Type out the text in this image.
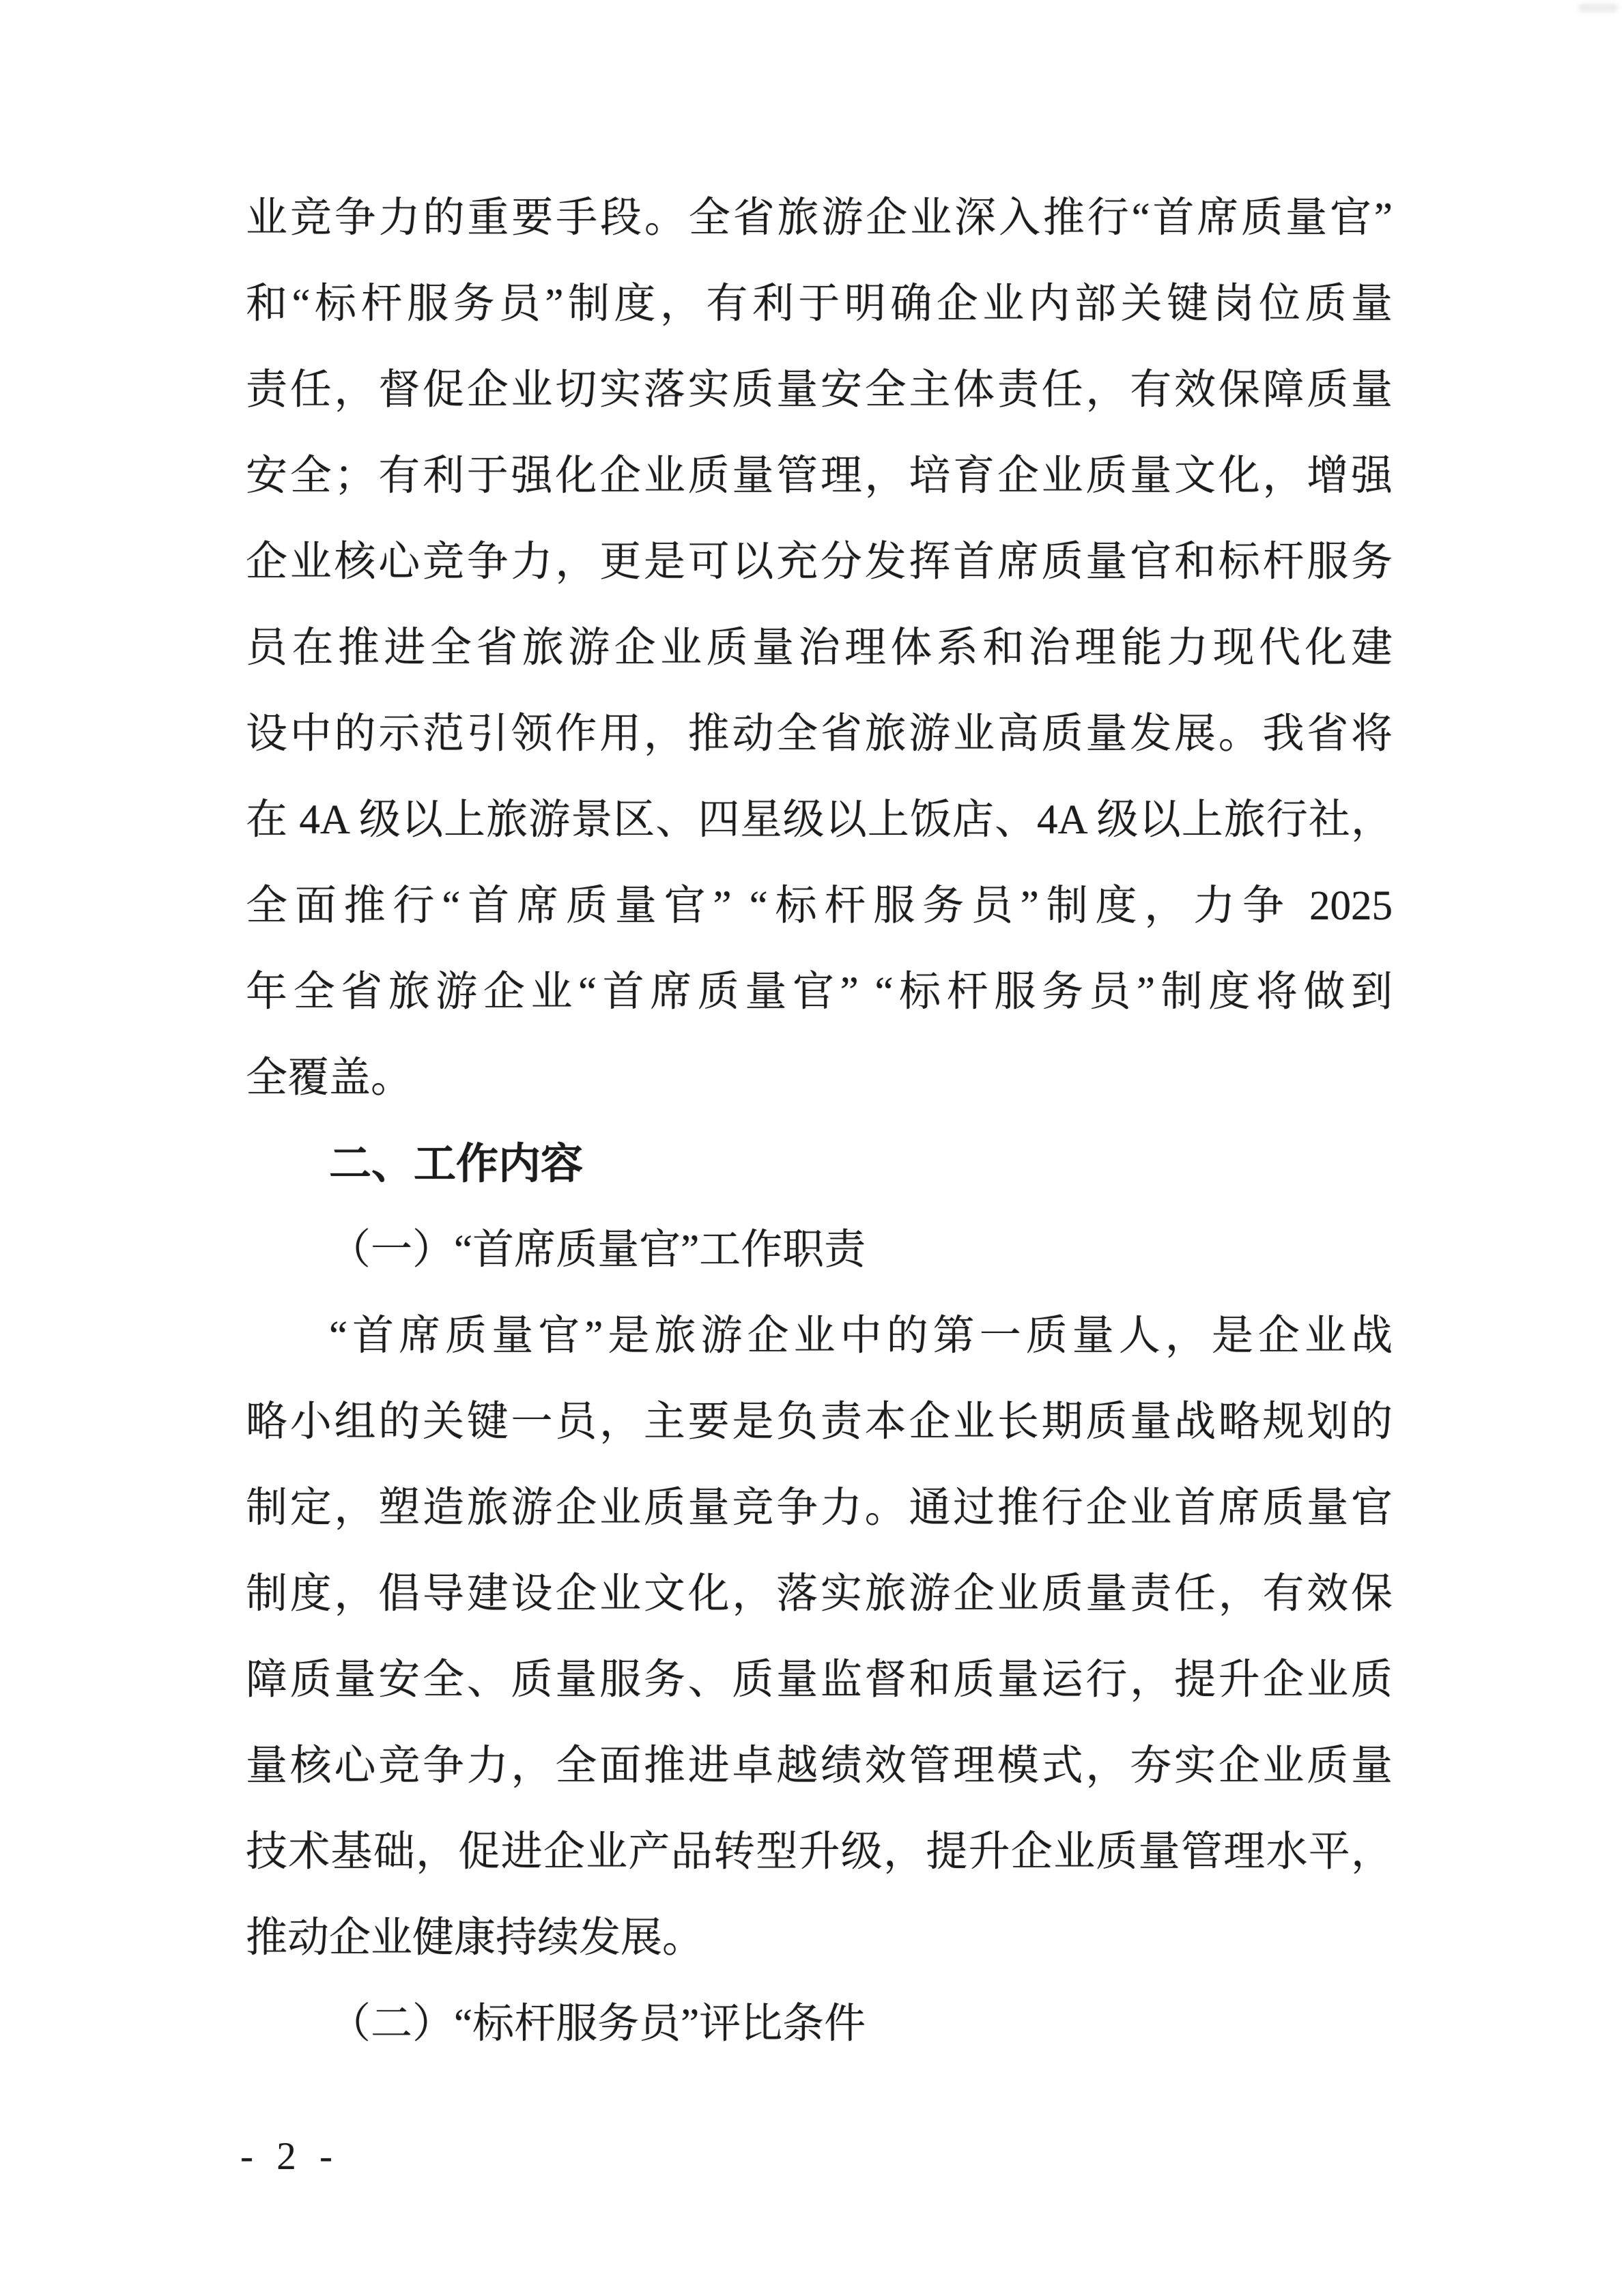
业竞争力的重要手段。全省旅游企业深入推行“首席质量官”

和“标杆服务员”制度，有利于明确企业内部关键岗位质量

责任，督促企业切实落实质量安全主体责任，有效保障质量

安全；有利于强化企业质量管理，培育企业质量文化，增强

企业核心竞争力，更是可以充分发挥首席质量官和标杆服务

员在推进全省旅游企业质量治理体系和治理能力现代化建

设中的示范引领作用，推动全省旅游业高质量发展。我省将

在 4A 级以上旅游景区、四星级以上饭店、4A 级以上旅行社，

全面推行“首席质量官” “标杆服务员”制度，力争 2025

年全省旅游企业“首席质量官” “标杆服务员”制度将做到

全覆盖。

二、工作内容

（一）“首席质量官”工作职责

“首席质量官”是旅游企业中的第一质量人，是企业战

略小组的关键一员，主要是负责本企业长期质量战略规划的

制定，塑造旅游企业质量竞争力。通过推行企业首席质量官

制度，倡导建设企业文化，落实旅游企业质量责任，有效保

障质量安全、质量服务、质量监督和质量运行，提升企业质

量核心竞争力，全面推进卓越绩效管理模式，夯实企业质量

技术基础，促进企业产品转型升级，提升企业质量管理水平，

推动企业健康持续发展。

（二）“标杆服务员”评比条件

- 2 -
